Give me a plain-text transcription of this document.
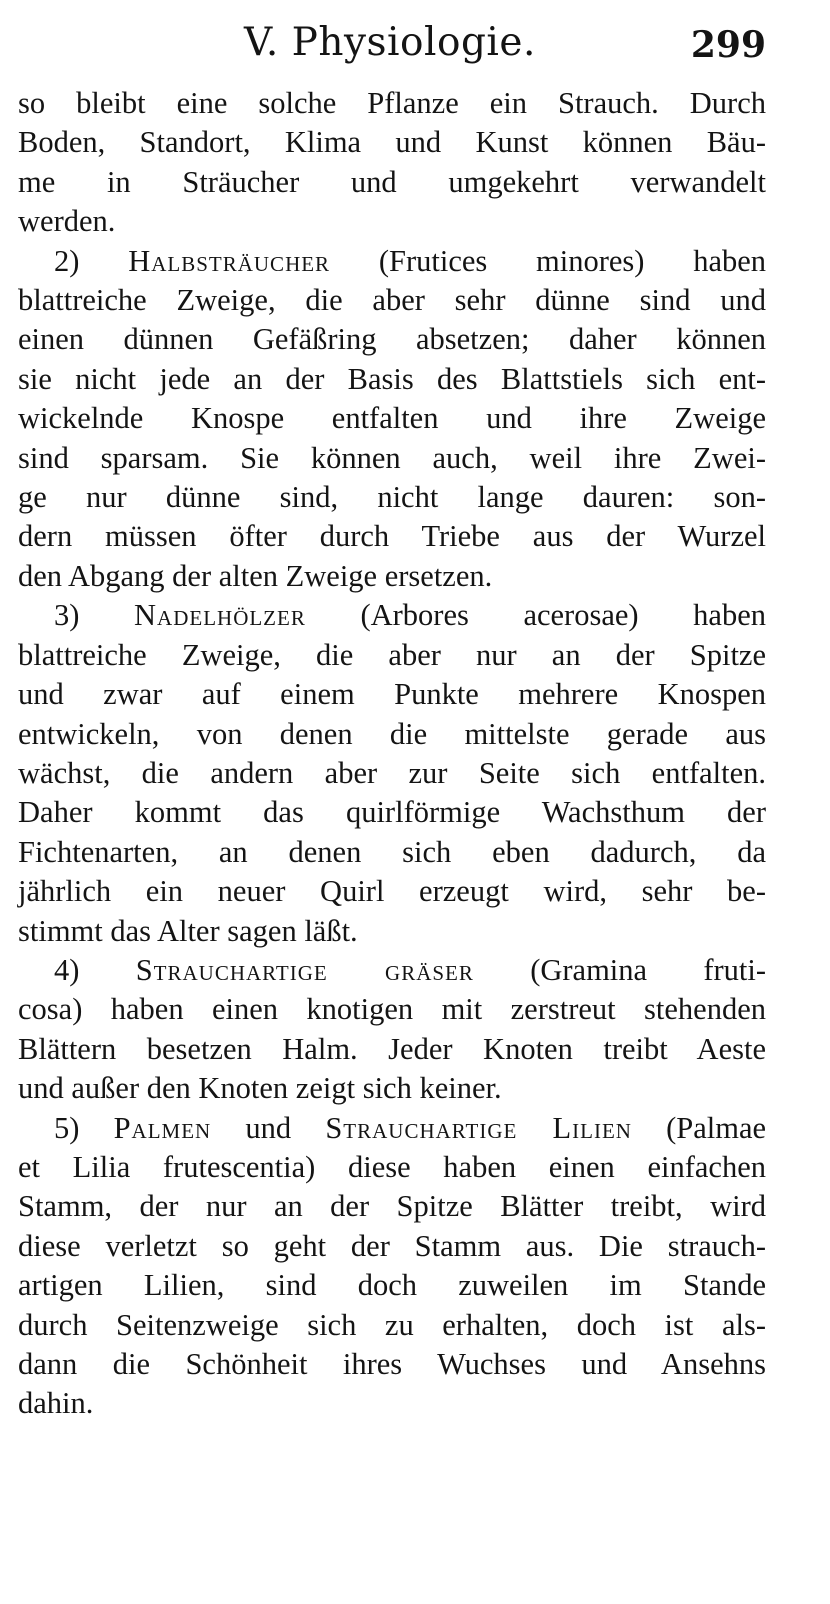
V. Physiologie.	299
so bleibt eine solche Pflanze ein Strauch. Durch
Boden, Standort, Klima und Kunst können Bäu-
me in Sträucher und umgekehrt verwandelt
werden.
2) Halbsträucher (Frutices minores) haben
blattreiche Zweige, die aber sehr dünne sind und
einen dünnen Gefäßring absetzen; daher können
sie nicht jede an der Basis des Blattstiels sich ent-
wickelnde Knospe entfalten und ihre Zweige
sind sparsam. Sie können auch, weil ihre Zwei-
ge nur dünne sind, nicht lange dauren: son-
dern müssen öfter durch Triebe aus der Wurzel
den Abgang der alten Zweige ersetzen.
3) Nadelhölzer (Arbores acerosae) haben
blattreiche Zweige, die aber nur an der Spitze
und zwar auf einem Punkte mehrere Knospen
entwickeln, von denen die mittelste gerade aus
wächst, die andern aber zur Seite sich entfalten.
Daher kommt das quirlförmige Wachsthum der
Fichtenarten, an denen sich eben dadurch, da
jährlich ein neuer Quirl erzeugt wird, sehr be-
stimmt das Alter sagen läßt.
4) Strauchartige gräser (Gramina fruti-
cosa) haben einen knotigen mit zerstreut stehenden
Blättern besetzen Halm. Jeder Knoten treibt Aeste
und außer den Knoten zeigt sich keiner.
5) Palmen und Strauchartige Lilien (Palmae
et Lilia frutescentia) diese haben einen einfachen
Stamm, der nur an der Spitze Blätter treibt, wird
diese verletzt so geht der Stamm aus. Die strauch-
artigen Lilien, sind doch zuweilen im Stande
durch Seitenzweige sich zu erhalten, doch ist als-
dann die Schönheit ihres Wuchses und Ansehns
dahin.
